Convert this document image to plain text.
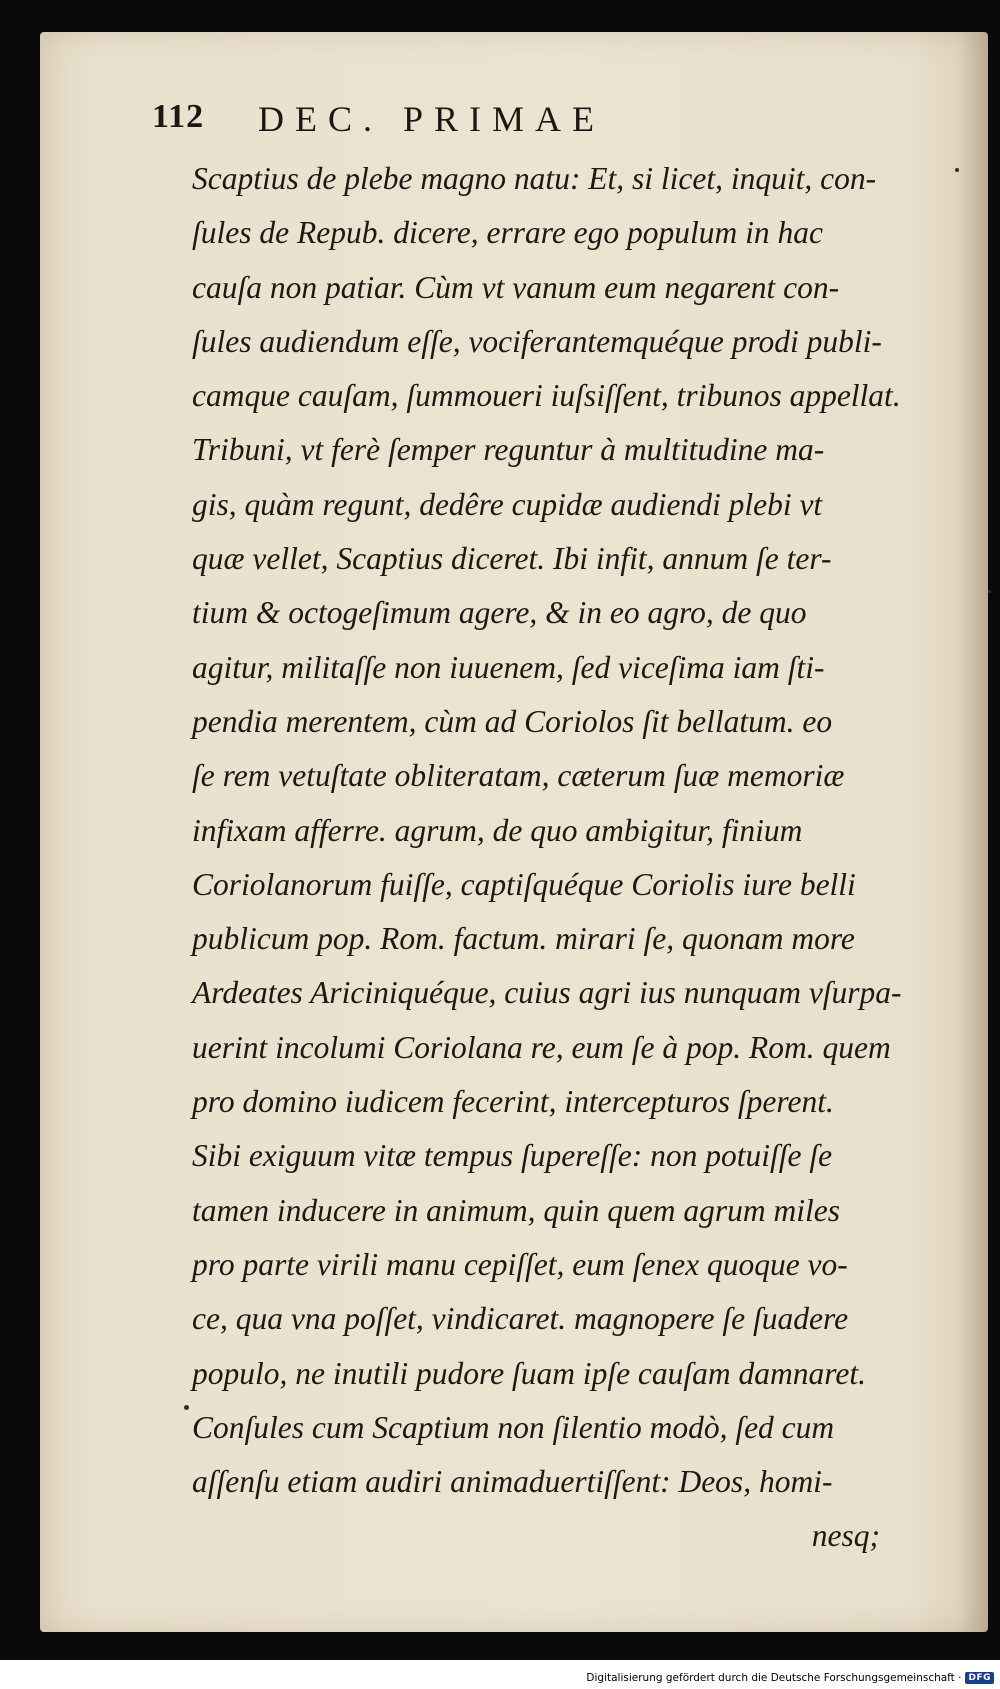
112 DEC. PRIMAE
Scaptius de plebe magno natu: Et, si licet, inquit, con-
ſules de Repub. dicere, errare ego populum in hac
cauſa non patiar. Cùm vt vanum eum negarent con-
ſules audiendum eſſe, vociferantemquéque prodi publi-
camque cauſam, ſummoueri iuſsiſſent, tribunos appellat.
Tribuni, vt ferè ſemper reguntur à multitudine ma-
gis, quàm regunt, dedêre cupidæ audiendi plebi vt
quæ vellet, Scaptius diceret. Ibi infit, annum ſe ter-
tium & octogeſimum agere, & in eo agro, de quo
agitur, militaſſe non iuuenem, ſed viceſima iam ſti-
pendia merentem, cùm ad Coriolos ſit bellatum. eo
ſe rem vetuſtate obliteratam, cæterum ſuæ memoriæ
infixam afferre. agrum, de quo ambigitur, finium
Coriolanorum fuiſſe, captiſquéque Coriolis iure belli
publicum pop. Rom. factum. mirari ſe, quonam more
Ardeates Ariciniquéque, cuius agri ius nunquam vſurpa-
uerint incolumi Coriolana re, eum ſe à pop. Rom. quem
pro domino iudicem fecerint, intercepturos ſperent.
Sibi exiguum vitæ tempus ſupereſſe: non potuiſſe ſe
tamen inducere in animum, quin quem agrum miles
pro parte virili manu cepiſſet, eum ſenex quoque vo-
ce, qua vna poſſet, vindicaret. magnopere ſe ſuadere
populo, ne inutili pudore ſuam ipſe cauſam damnaret.
Conſules cum Scaptium non ſilentio modò, ſed cum
aſſenſu etiam audiri animaduertiſſent: Deos, homi-
nesq;
Digitalisierung gefördert durch die Deutsche Forschungsgemeinschaft · DFG
